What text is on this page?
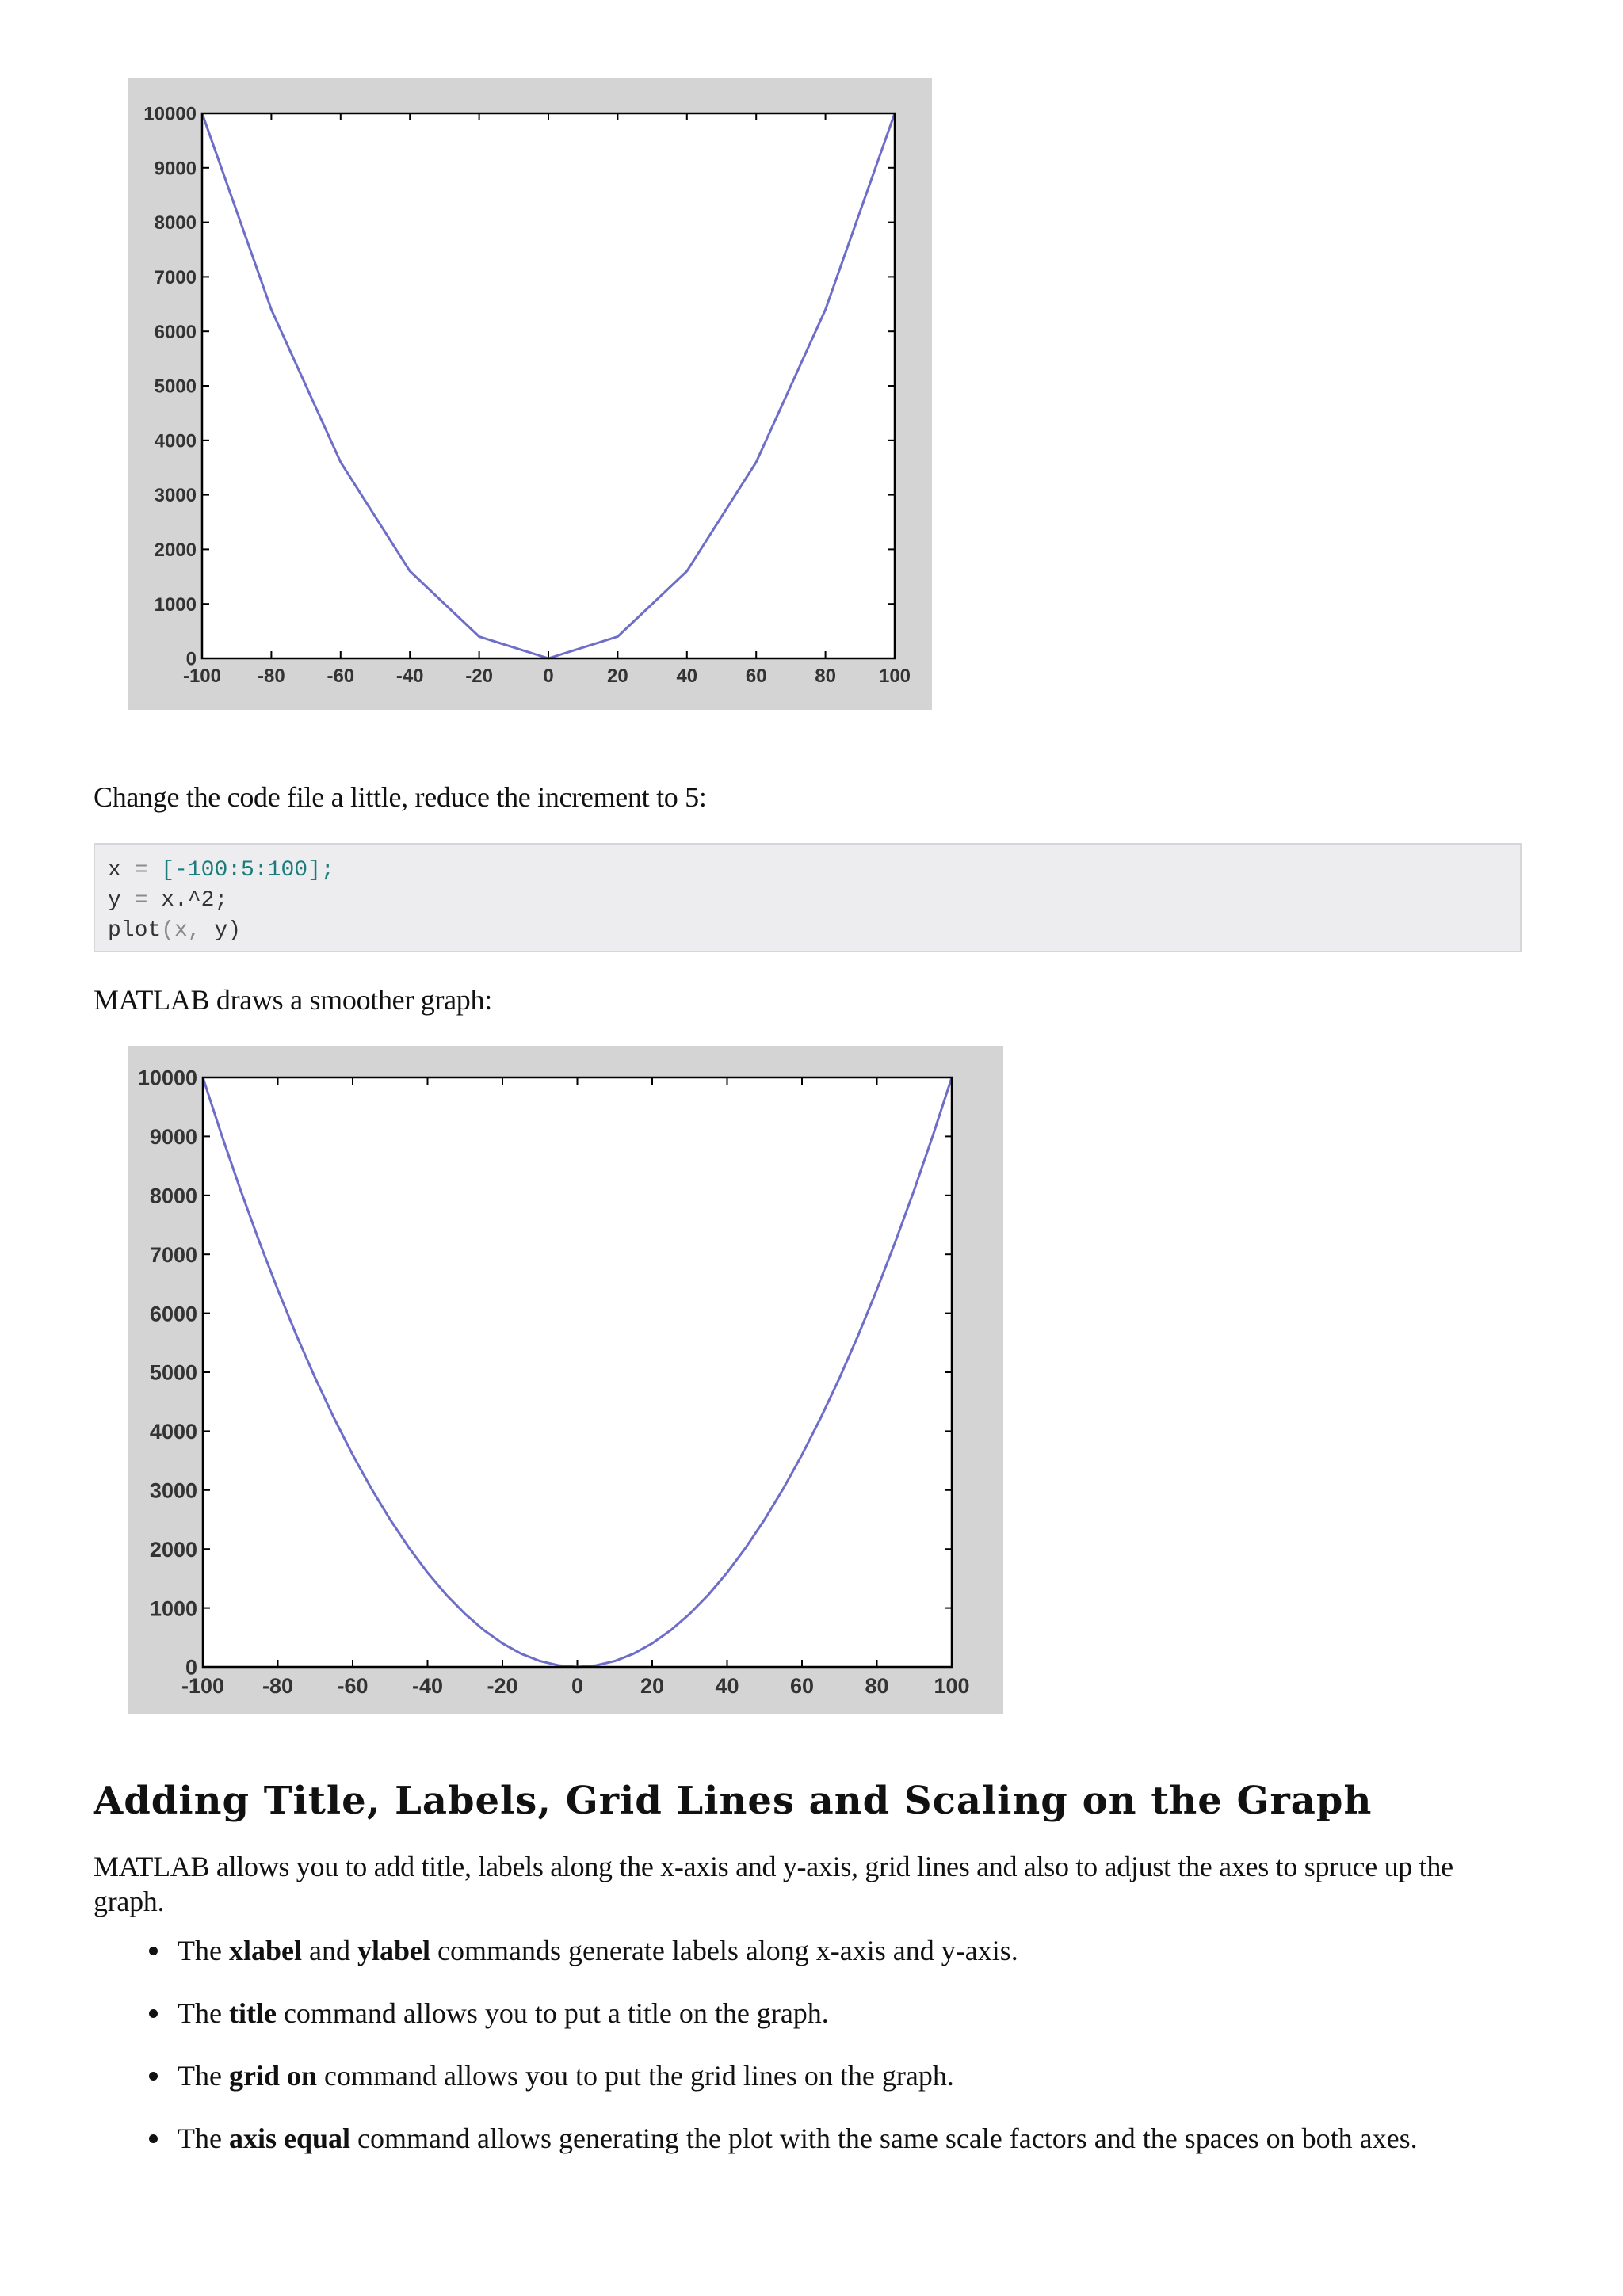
-100 -80 -60 -40 -20	0	20	40	60	80 100
0
1000
2000
3000
4000
5000
6000
7000
8000
9000
10000

Change the code file a little, reduce the increment to 5:

x = [-100:5:100];
y = x.^2;
plot(x, y)

MATLAB draws a smoother graph:

-100 -80 -60 -40 -20 0	20 40 60 80 100
0
1000
2000
3000
4000
5000
6000
7000
8000
9000
10000
Adding Title, Labels, Grid Lines and Scaling on the Graph

MATLAB allows you to add title, labels along the x-axis and y-axis, grid lines and also to adjust the axes to spruce up the graph.

The xlabel and ylabel commands generate labels along x-axis and y-axis.
The title command allows you to put a title on the graph.
The grid on command allows you to put the grid lines on the graph.
The axis equal command allows generating the plot with the same scale factors and the spaces on both axes.
